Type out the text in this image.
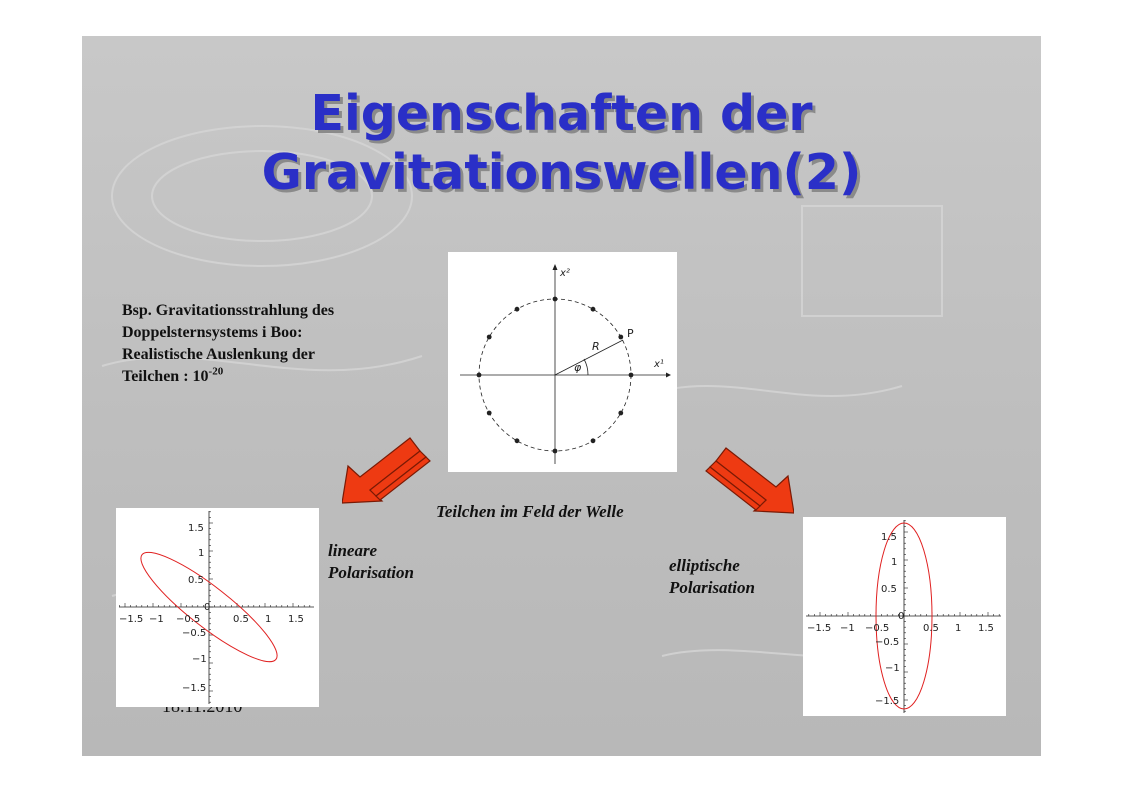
Eigenschaften der
Gravitationswellen(2)
Bsp. Gravitationsstrahlung des
Doppelsternsystems i Boo:
Realistische Auslenkung der
Teilchen : $10^{-20}$
P
R
φ	x¹
x²
Teilchen im Feld der Welle
−1.5 −1 −0.5
0
0.5 1 1.5
1.5
1
0.5
−0.5
−1
−1.5
lineare
Polarisation	elliptische
Polarisation
−1.5 −1 −0.5
0
0.5 1 1.5
1.5
1
0.5
−0.5
−1
−1.5
